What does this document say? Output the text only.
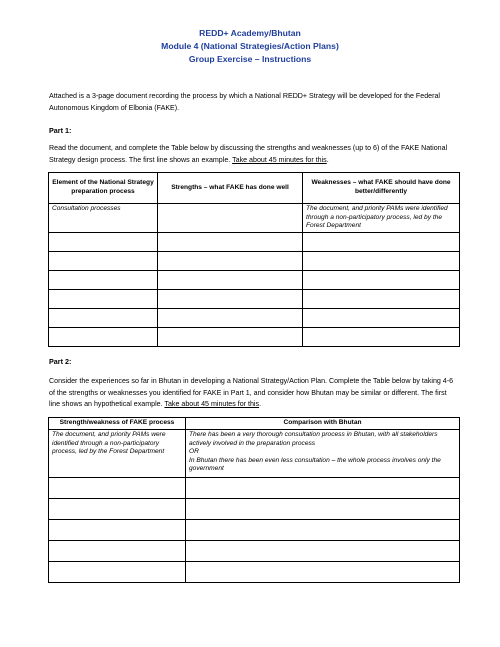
REDD+ Academy/Bhutan
Module 4 (National Strategies/Action Plans)
Group Exercise – Instructions
Attached is a 3-page document recording the process by which a National REDD+ Strategy will be developed for the Federal Autonomous Kingdom of Elbonia (FAKE).
Part 1:
Read the document, and complete the Table below by discussing the strengths and weaknesses (up to 6) of the FAKE National Strategy design process. The first line shows an example. Take about 45 minutes for this.
Element of the National Strategy preparation process	Strengths – what FAKE has done well	Weaknesses – what FAKE should have done better/differently
Consultation processes		The document, and priority PAMs were identified through a non-participatory process, led by the Forest Department

Part 2:
Consider the experiences so far in Bhutan in developing a National Strategy/Action Plan. Complete the Table below by taking 4-6 of the strengths or weaknesses you identified for FAKE in Part 1, and consider how Bhutan may be similar or different. The first line shows an hypothetical example. Take about 45 minutes for this.
Strength/weakness of FAKE process	Comparison with Bhutan
The document, and priority PAMs were identified through a non-participatory process, led by the Forest Department	There has been a very thorough consultation process in Bhutan, with all stakeholders actively involved in the preparation process
OR
In Bhutan there has been even less consultation – the whole process involves only the government
